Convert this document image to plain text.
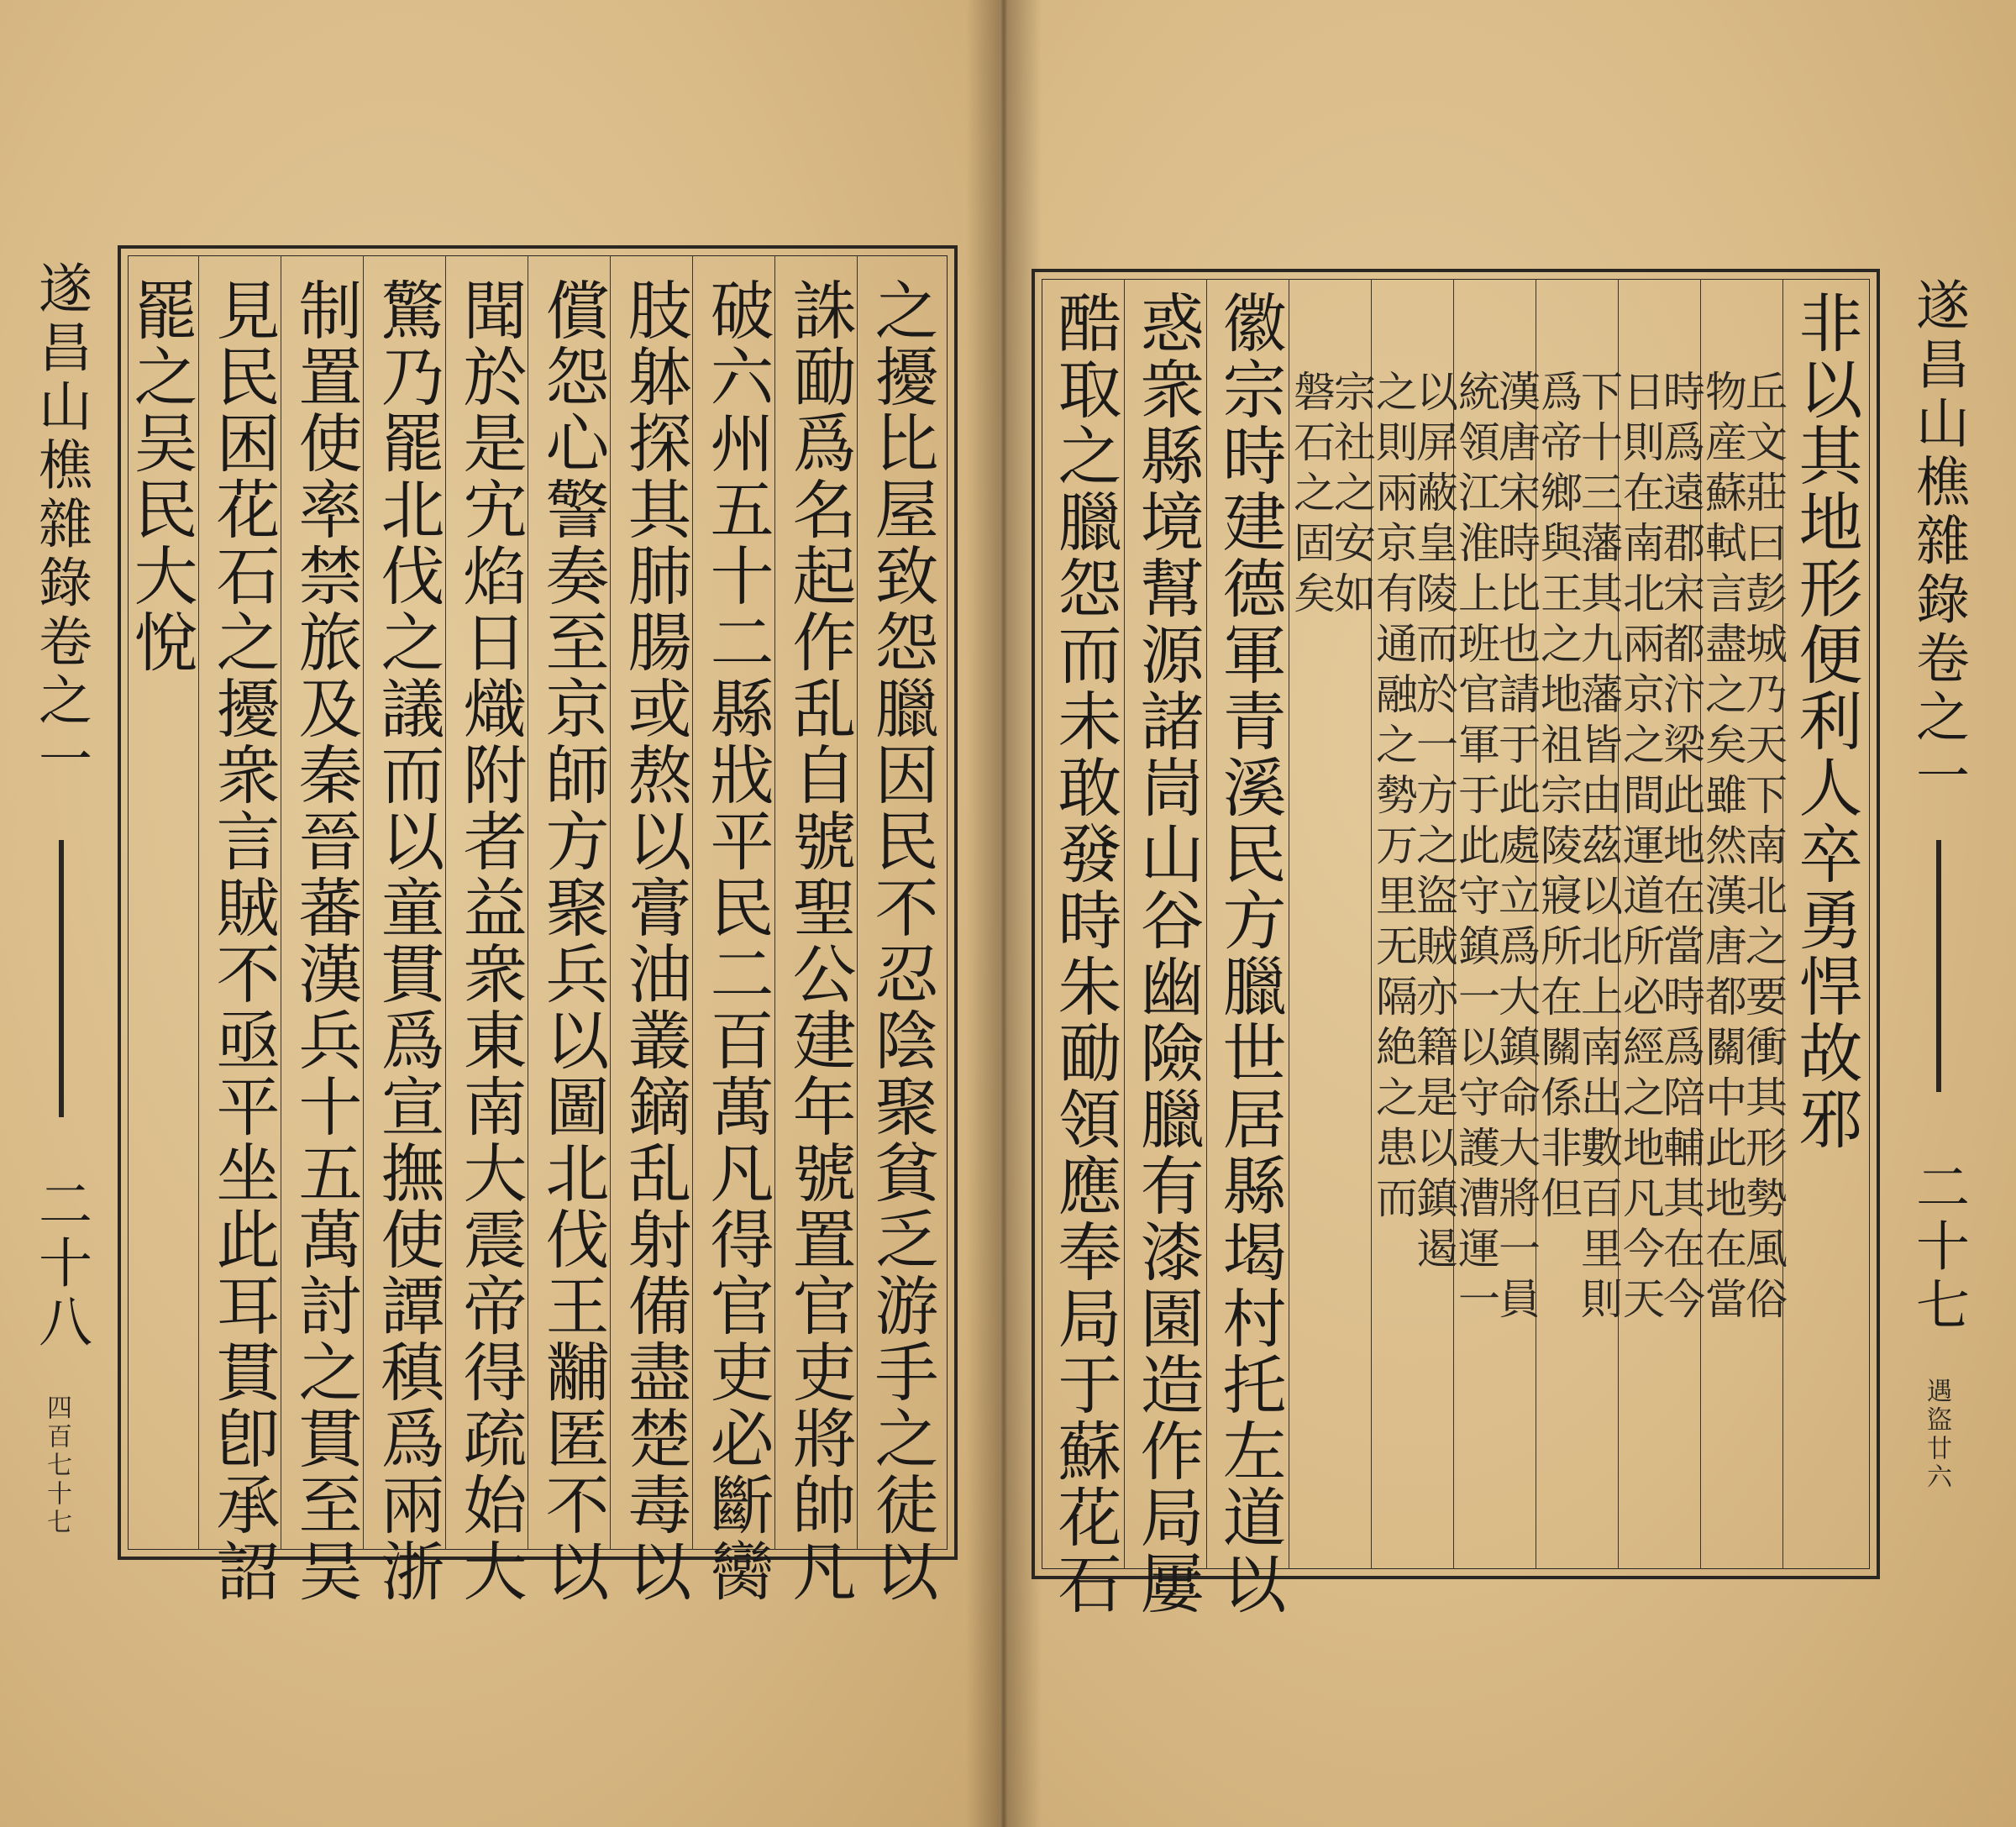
之擾比屋致怨臘因民不忍陰聚貧乏游手之徒以
誅勔爲名起作乱自號聖公建年號置官吏將帥凡
破六州五十二縣戕平民二百萬凡得官吏必斷臠
肢躰探其肺腸或熬以膏油叢鏑乱射備盡楚毒以
償怨心警奏至京師方聚兵以圖北伐王黼匿不以
聞於是宄焰日熾附者益衆東南大震帝得疏始大
驚乃罷北伐之議而以童貫爲宣撫使譚稹爲兩浙
制置使率禁旅及秦晉蕃漢兵十五萬討之貫至吴
見民困花石之擾衆言賊不亟平坐此耳貫卽承詔
罷之吴民大悅
遂昌山樵雜錄卷之一
二十八
四百七十七
非以其地形便利人卒勇悍故邪
丘文莊曰彭城乃天下南北之要衝其形勢風俗
物産蘇軾言盡之矣雖然漢唐都關中此地在當
時爲遠郡宋都汴梁此地在當時爲陪輔其在今
日則在南北兩京之間運道所必經之地凡今天
下十三藩其九藩皆由茲以北上南出數百里則
爲帝鄉與王之地祖宗陵寢所在關係非但
漢唐宋時比也請于此處立爲大鎮命大將一員
統領江淮上班官軍于此守鎮一以守護漕運一
以屏蔽皇陵而於一方之盜賊亦籍是以鎮遏
之則兩京有通融之勢万里无隔絶之患而
宗社之安如
磐石之固矣
徽宗時建德軍青溪民方臘世居縣堨村托左道以
惑衆縣境幫源諸峝山谷幽險臘有漆園造作局屢
酷取之臘怨而未敢發時朱勔領應奉局于蘇花石	遂昌山樵雜錄卷之一
二十七
遇盜廿六
